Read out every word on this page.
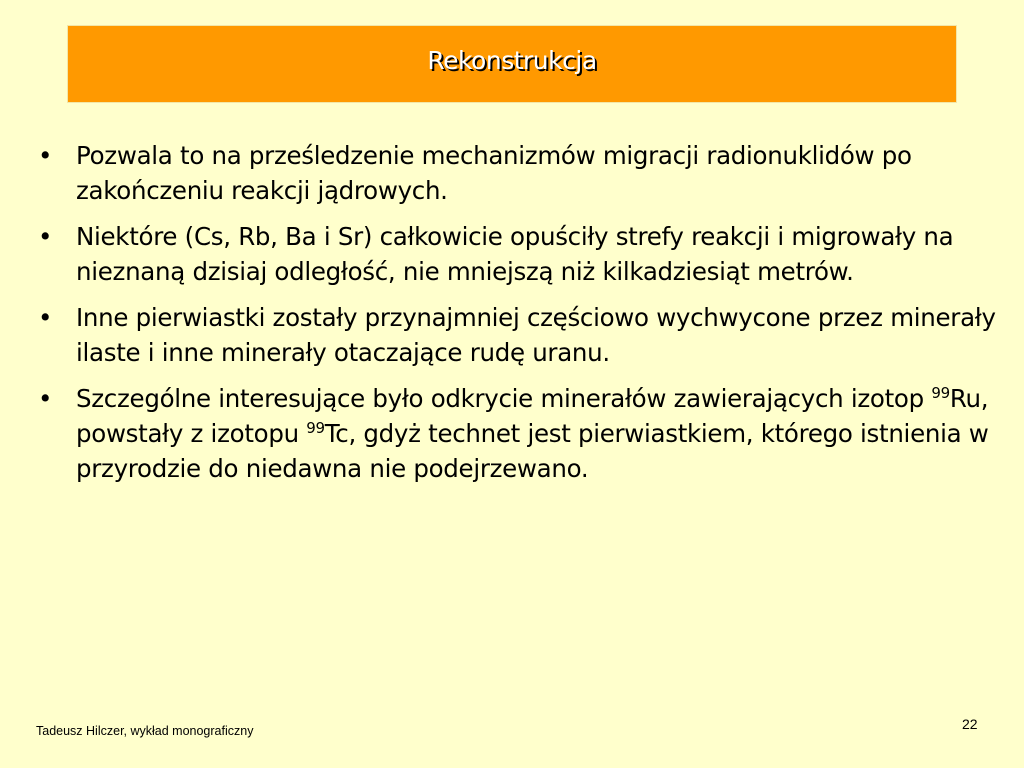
Rekonstrukcja
• Pozwala to na prześledzenie mechanizmów migracji radionuklidów po zakończeniu reakcji jądrowych.
• Niektóre (Cs, Rb, Ba i Sr) całkowicie opuściły strefy reakcji i migrowały na nieznaną dzisiaj odległość, nie mniejszą niż kilkadziesiąt metrów.
• Inne pierwiastki zostały przynajmniej częściowo wychwycone przez minerały ilaste i inne minerały otaczające rudę uranu.
• Szczególne interesujące było odkrycie minerałów zawierających izotop $^{99}$Ru, powstały z izotopu $^{99}$Tc, gdyż technet jest pierwiastkiem, którego istnienia w przyrodzie do niedawna nie podejrzewano.
Tadeusz Hilczer, wykład monograficzny	22
